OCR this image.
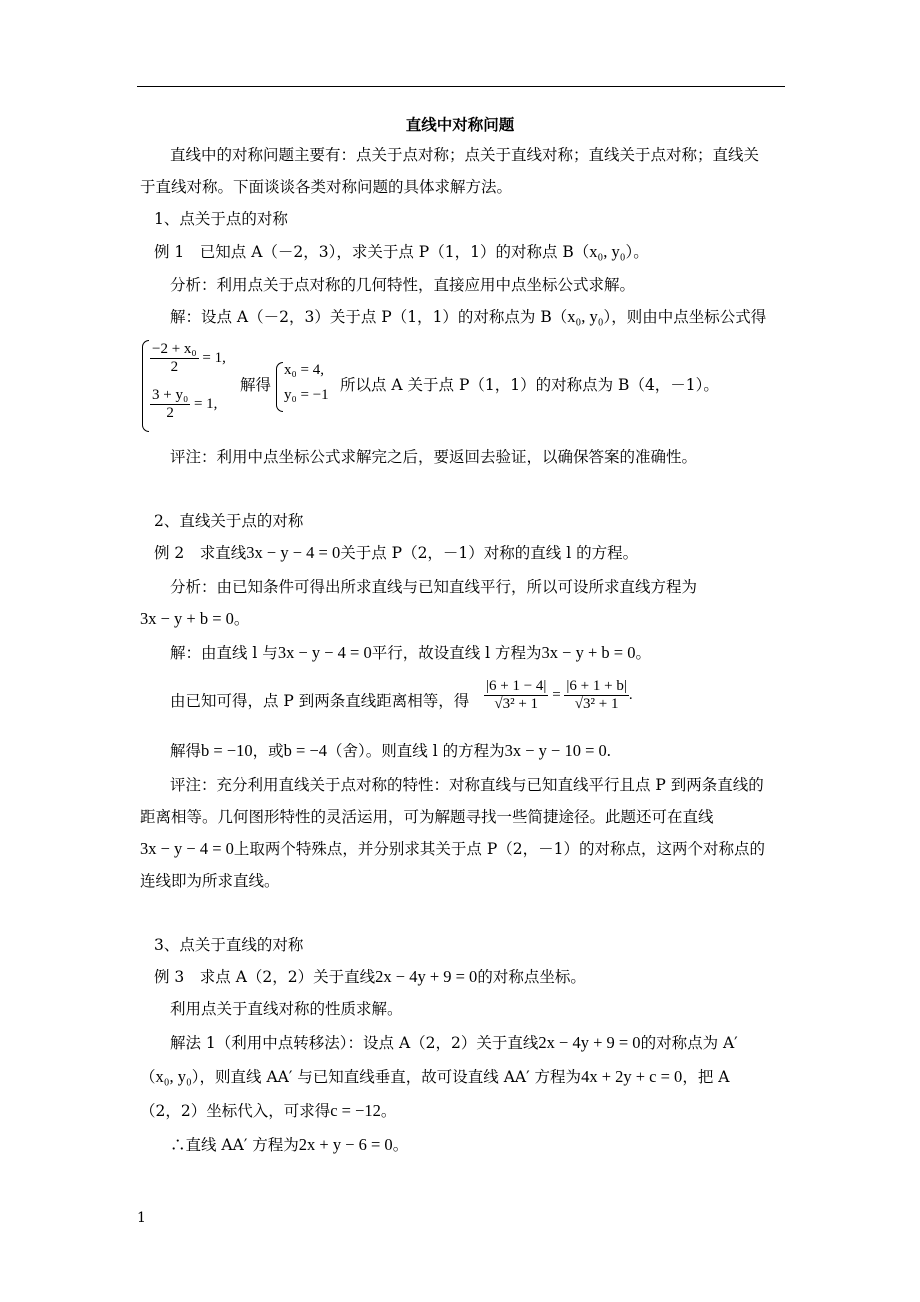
直线中对称问题
直线中的对称问题主要有：点关于点对称；点关于直线对称；直线关于点对称；直线关
于直线对称。下面谈谈各类对称问题的具体求解方法。
1、点关于点的对称
例 1　已知点 A（－2，3），求关于点 P（1，1）的对称点 B（x₀, y₀）。
分析：利用点关于点对称的几何特性，直接应用中点坐标公式求解。
解：设点 A（－2，3）关于点 P（1，1）的对称点为 B（x₀, y₀），则由中点坐标公式得
$\frac{\text{−2 + x₀}}{2} = 1$,
$\frac{\text{3 + y₀}}{2} = 1$,
解得
x₀ = 4,
y₀ = −1
所以点 A 关于点 P（1，1）的对称点为 B（4，－1）。
评注：利用中点坐标公式求解完之后，要返回去验证，以确保答案的准确性。
2、直线关于点的对称
例 2　求直线3x − y − 4 = 0关于点 P（2，－1）对称的直线 l 的方程。
分析：由已知条件可得出所求直线与已知直线平行，所以可设所求直线方程为
3x − y + b = 0。
解：由直线 l 与3x − y − 4 = 0平行，故设直线 l 方程为3x − y + b = 0。
由已知可得，点 P 到两条直线距离相等，得 $\frac{|6 + 1 - 4|}{\text{√3² + 1}} = \frac{|6 + 1 + b|}{\text{√3² + 1}}$ .
解得b = −10，或b = −4（舍）。则直线 l 的方程为3x − y − 10 = 0.
评注：充分利用直线关于点对称的特性：对称直线与已知直线平行且点 P 到两条直线的
距离相等。几何图形特性的灵活运用，可为解题寻找一些简捷途径。此题还可在直线
3x − y − 4 = 0上取两个特殊点，并分别求其关于点 P（2，－1）的对称点，这两个对称点的
连线即为所求直线。
3、点关于直线的对称
例 3　求点 A（2，2）关于直线2x − 4y + 9 = 0的对称点坐标。
利用点关于直线对称的性质求解。
解法 1（利用中点转移法）：设点 A（2，2）关于直线2x − 4y + 9 = 0的对称点为 A′
（x₀, y₀），则直线 AA′ 与已知直线垂直，故可设直线 AA′ 方程为4x + 2y + c = 0，把 A
（2，2）坐标代入，可求得c = −12。
∴直线 AA′ 方程为2x + y − 6 = 0。
1
